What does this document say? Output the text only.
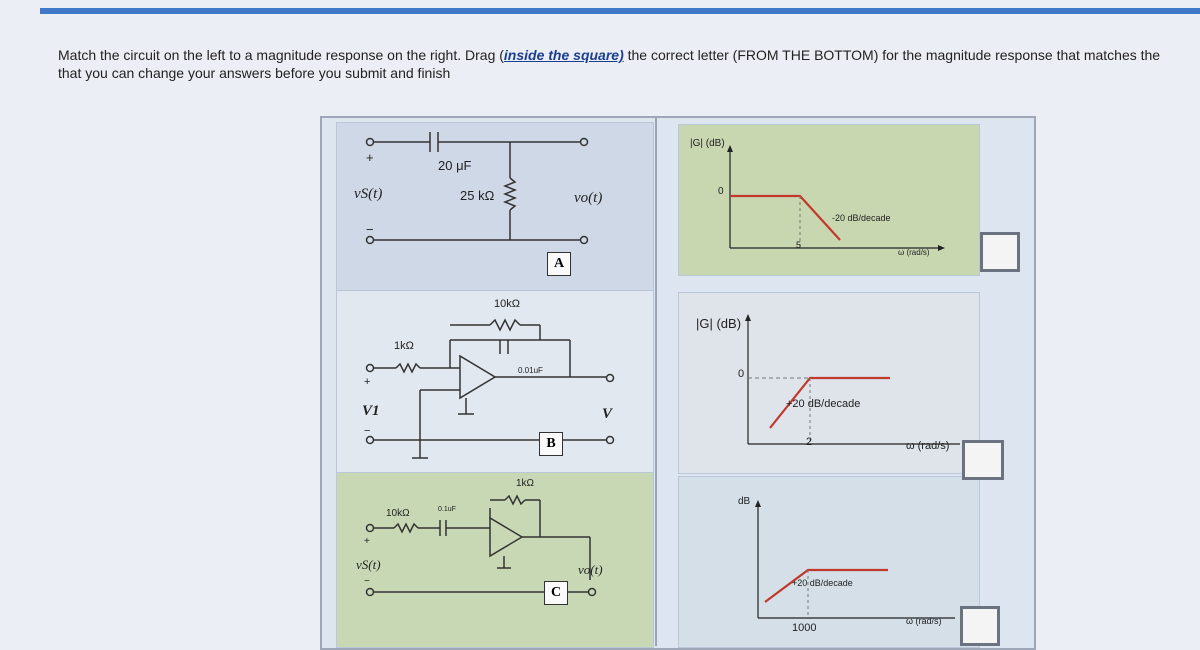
Match the circuit on the left to a magnitude response on the right. Drag (inside the square) the correct letter (FROM THE BOTTOM) for the magnitude response that matches the
that you can change your answers before you submit and finish
+
−
vS(t)	vo(t)
20 μF
25 kΩ
A
10kΩ
0.01uF
1kΩ
+
−
V1	V
B
1kΩ
10kΩ	0.1uF
vS(t)	vo(t)
+
−
C
|G| (dB)
0
5
-20 dB/decade
ω (rad/s)
|G| (dB)
0
2
+20 dB/decade
ω (rad/s)
dB
1000
+20 dB/decade
ω (rad/s)
